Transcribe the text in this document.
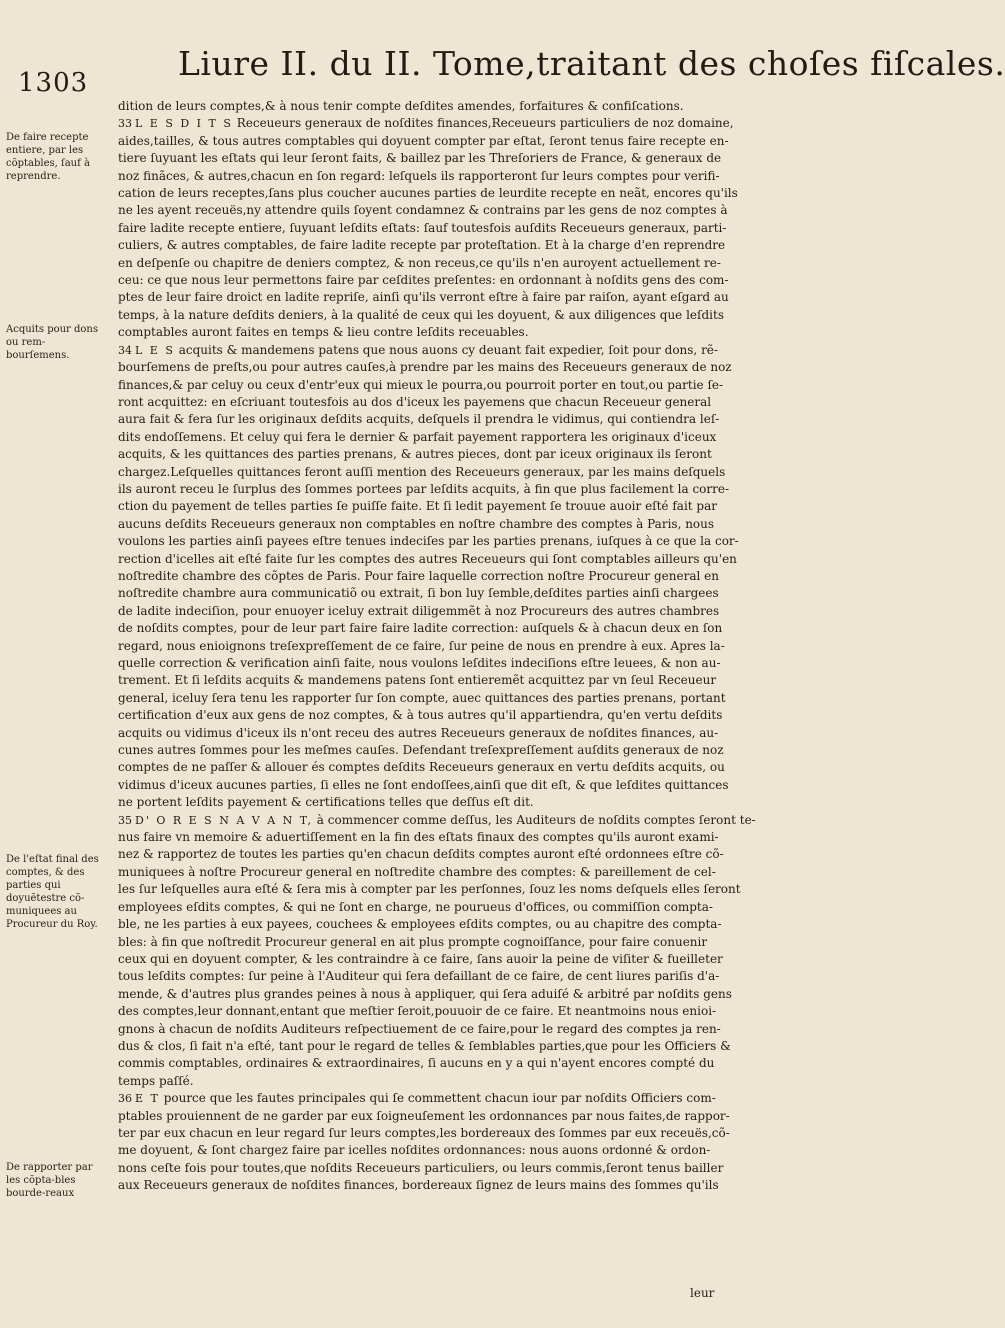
1303	Liure II. du II. Tome,traitant des choſes fiſcales.
De faire recepte entiere, par les cõptables, ſauf à reprendre.
Acquits pour dons ou rem-bourſemens.
De l'eſtat final des comptes, & des parties qui doyuẽtestre cõ-muniquees au Procureur du Roy.
De rapporter par les cõpta-bles bourde-reaux
dition de leurs comptes,& à nous tenir compte deſdites amendes, forfaitures & confiſcations.
33 L E S D I T S Receueurs generaux de noſdites finances,Receueurs particuliers de noz domaine,
aides,tailles, & tous autres comptables qui doyuent compter par eſtat, ſeront tenus faire recepte en-
tiere ſuyuant les eſtats qui leur ſeront faits, & baillez par les Threſoriers de France, & generaux de
noz finãces, & autres,chacun en ſon regard: leſquels ils rapporteront ſur leurs comptes pour verifi-
cation de leurs receptes,ſans plus coucher aucunes parties de leurdite recepte en neãt, encores qu'ils
ne les ayent receuës,ny attendre quils ſoyent condamnez & contrains par les gens de noz comptes à
faire ladite recepte entiere, ſuyuant leſdits eſtats: ſauf toutesfois auſdits Receueurs generaux, parti-
culiers, & autres comptables, de faire ladite recepte par proteſtation. Et à la charge d'en reprendre
en deſpenſe ou chapitre de deniers comptez, & non receus,ce qu'ils n'en auroyent actuellement re-
ceu: ce que nous leur permettons faire par ceſdites preſentes: en ordonnant à noſdits gens des com-
ptes de leur faire droict en ladite repriſe, ainſi qu'ils verront eſtre à faire par raiſon, ayant eſgard au
temps, à la nature deſdits deniers, à la qualité de ceux qui les doyuent, & aux diligences que leſdits
comptables auront faites en temps & lieu contre leſdits receuables.
34 L E S acquits & mandemens patens que nous auons cy deuant fait expedier, ſoit pour dons, rẽ-
bourſemens de preſts,ou pour autres cauſes,à prendre par les mains des Receueurs generaux de noz
finances,& par celuy ou ceux d'entr'eux qui mieux le pourra,ou pourroit porter en tout,ou partie ſe-
ront acquittez: en eſcriuant toutesfois au dos d'iceux les payemens que chacun Receueur general
aura fait & fera ſur les originaux deſdits acquits, deſquels il prendra le vidimus, qui contiendra leſ-
dits endoſſemens. Et celuy qui fera le dernier & parfait payement rapportera les originaux d'iceux
acquits, & les quittances des parties prenans, & autres pieces, dont par iceux originaux ils ſeront
chargez.Leſquelles quittances feront auſſi mention des Receueurs generaux, par les mains deſquels
ils auront receu le ſurplus des ſommes portees par leſdits acquits, à fin que plus facilement la corre-
ction du payement de telles parties ſe puiſſe faite. Et ſi ledit payement ſe trouue auoir eſté fait par
aucuns deſdits Receueurs generaux non comptables en noſtre chambre des comptes à Paris, nous
voulons les parties ainſi payees eſtre tenues indeciſes par les parties prenans, iuſques à ce que la cor-
rection d'icelles ait eſté faite ſur les comptes des autres Receueurs qui ſont comptables ailleurs qu'en
noſtredite chambre des cõptes de Paris. Pour faire laquelle correction noſtre Procureur general en
noſtredite chambre aura communicatiõ ou extrait, ſi bon luy ſemble,deſdites parties ainſi chargees
de ladite indeciſion, pour enuoyer iceluy extrait diligemmẽt à noz Procureurs des autres chambres
de noſdits comptes, pour de leur part faire faire ladite correction: auſquels & à chacun deux en ſon
regard, nous enioignons treſexpreſſement de ce faire, ſur peine de nous en prendre à eux. Apres la-
quelle correction & verification ainſi faite, nous voulons leſdites indeciſions eſtre leuees, & non au-
trement. Et ſi leſdits acquits & mandemens patens ſont entieremẽt acquittez par vn ſeul Receueur
general, iceluy ſera tenu les rapporter ſur ſon compte, auec quittances des parties prenans, portant
certification d'eux aux gens de noz comptes, & à tous autres qu'il appartiendra, qu'en vertu deſdits
acquits ou vidimus d'iceux ils n'ont receu des autres Receueurs generaux de noſdites finances, au-
cunes autres ſommes pour les meſmes cauſes. Defendant treſexpreſſement auſdits generaux de noz
comptes de ne paſſer & allouer és comptes deſdits Receueurs generaux en vertu deſdits acquits, ou
vidimus d'iceux aucunes parties, ſi elles ne ſont endoſſees,ainſi que dit eſt, & que leſdites quittances
ne portent leſdits payement & certifications telles que deſſus eſt dit.
35 D' O R E S N A V A N T, à commencer comme deſſus, les Auditeurs de noſdits comptes ſeront te-
nus faire vn memoire & aduertiſſement en la fin des eſtats finaux des comptes qu'ils auront exami-
nez & rapportez de toutes les parties qu'en chacun deſdits comptes auront eſté ordonnees eſtre cõ-
muniquees à noſtre Procureur general en noſtredite chambre des comptes: & pareillement de cel-
les ſur leſquelles aura eſté & ſera mis à compter par les perſonnes, ſouz les noms deſquels elles ſeront
employees eſdits comptes, & qui ne ſont en charge, ne pourueus d'offices, ou commiſſion compta-
ble, ne les parties à eux payees, couchees & employees eſdits comptes, ou au chapitre des compta-
bles: à fin que noſtredit Procureur general en ait plus prompte cognoiſſance, pour faire conuenir
ceux qui en doyuent compter, & les contraindre à ce faire, ſans auoir la peine de viſiter & fueilleter
tous leſdits comptes: ſur peine à l'Auditeur qui ſera defaillant de ce faire, de cent liures pariſis d'a-
mende, & d'autres plus grandes peines à nous à appliquer, qui ſera aduiſé & arbitré par noſdits gens
des comptes,leur donnant,entant que meſtier ſeroit,pouuoir de ce faire. Et neantmoins nous enioi-
gnons à chacun de noſdits Auditeurs reſpectiuement de ce faire,pour le regard des comptes ja ren-
dus & clos, ſi fait n'a eſté, tant pour le regard de telles & ſemblables parties,que pour les Officiers &
commis comptables, ordinaires & extraordinaires, ſi aucuns en y a qui n'ayent encores compté du
temps paſſé.
36 E T pource que les fautes principales qui ſe commettent chacun iour par noſdits Officiers com-
ptables prouiennent de ne garder par eux ſoigneuſement les ordonnances par nous faites,de rappor-
ter par eux chacun en leur regard ſur leurs comptes,les bordereaux des ſommes par eux receuës,cõ-
me doyuent, & ſont chargez faire par icelles noſdites ordonnances: nous auons ordonné & ordon-
nons ceſte fois pour toutes,que noſdits Receueurs particuliers, ou leurs commis,ſeront tenus bailler
aux Receueurs generaux de noſdites finances, bordereaux ſignez de leurs mains des ſommes qu'ils
leur
